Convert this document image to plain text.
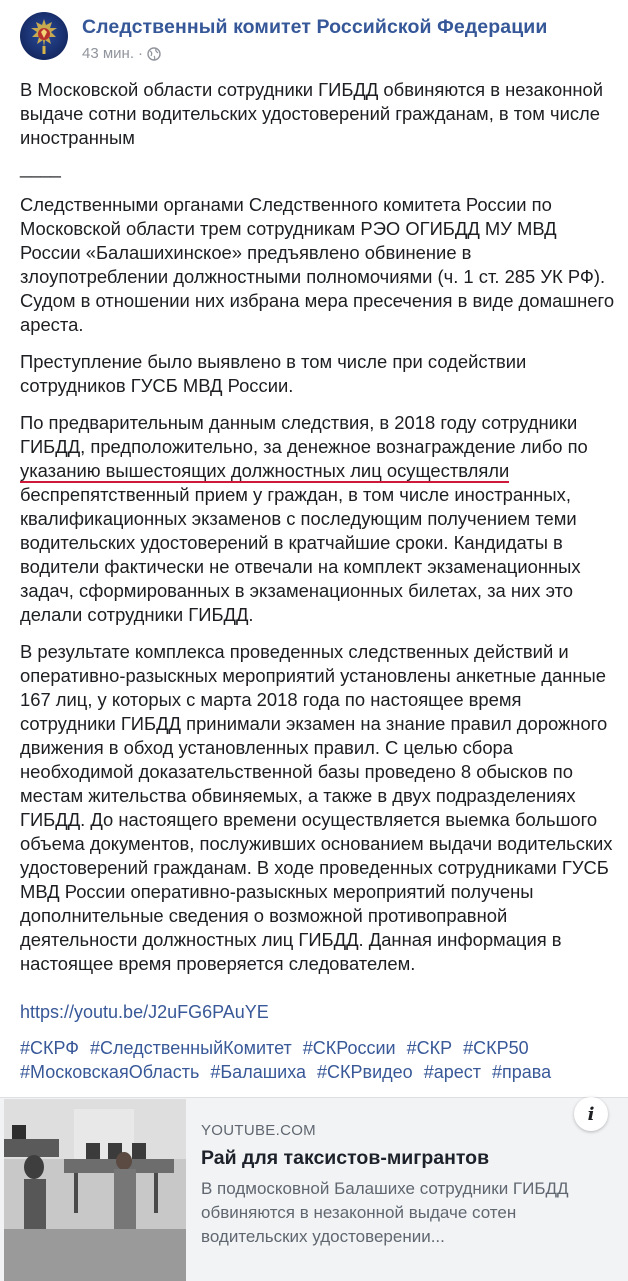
Следственный комитет Российской Федерации
43 мин. ·

В Московской области сотрудники ГИБДД обвиняются в незаконной выдаче сотни водительских удостоверений гражданам, в том числе иностранным

____

Следственными органами Следственного комитета России по Московской области трем сотрудникам РЭО ОГИБДД МУ МВД России «Балашихинское» предъявлено обвинение в злоупотреблении должностными полномочиями (ч. 1 ст. 285 УК РФ). Судом в отношении них избрана мера пресечения в виде домашнего ареста.

Преступление было выявлено в том числе при содействии сотрудников ГУСБ МВД России.

По предварительным данным следствия, в 2018 году сотрудники ГИБДД, предположительно, за денежное вознаграждение либо по указанию вышестоящих должностных лиц осуществляли беспрепятственный прием у граждан, в том числе иностранных, квалификационных экзаменов с последующим получением теми водительских удостоверений в кратчайшие сроки. Кандидаты в водители фактически не отвечали на комплект экзаменационных задач, сформированных в экзаменационных билетах, за них это делали сотрудники ГИБДД.

В результате комплекса проведенных следственных действий и оперативно-разыскных мероприятий установлены анкетные данные 167 лиц, у которых с марта 2018 года по настоящее время сотрудники ГИБДД принимали экзамен на знание правил дорожного движения в обход установленных правил. С целью сбора необходимой доказательственной базы проведено 8 обысков по местам жительства обвиняемых, а также в двух подразделениях ГИБДД. До настоящего времени осуществляется выемка большого объема документов, послуживших основанием выдачи водительских удостоверений гражданам. В ходе проведенных сотрудниками ГУСБ МВД России оперативно-разыскных мероприятий получены дополнительные сведения о возможной противоправной деятельности должностных лиц ГИБДД. Данная информация в настоящее время проверяется следователем.

https://youtu.be/J2uFG6PAuYE
#СКРФ #СледственныйКомитет #СКРоссии #СКР #СКР50 #МосковскаяОбласть #Балашиха #СКРвидео #арест #права
YOUTUBE.COM
Рай для таксистов-мигрантов
В подмосковной Балашихе сотрудники ГИБДД обвиняются в незаконной выдаче сотен водительских удостоверении...
i
